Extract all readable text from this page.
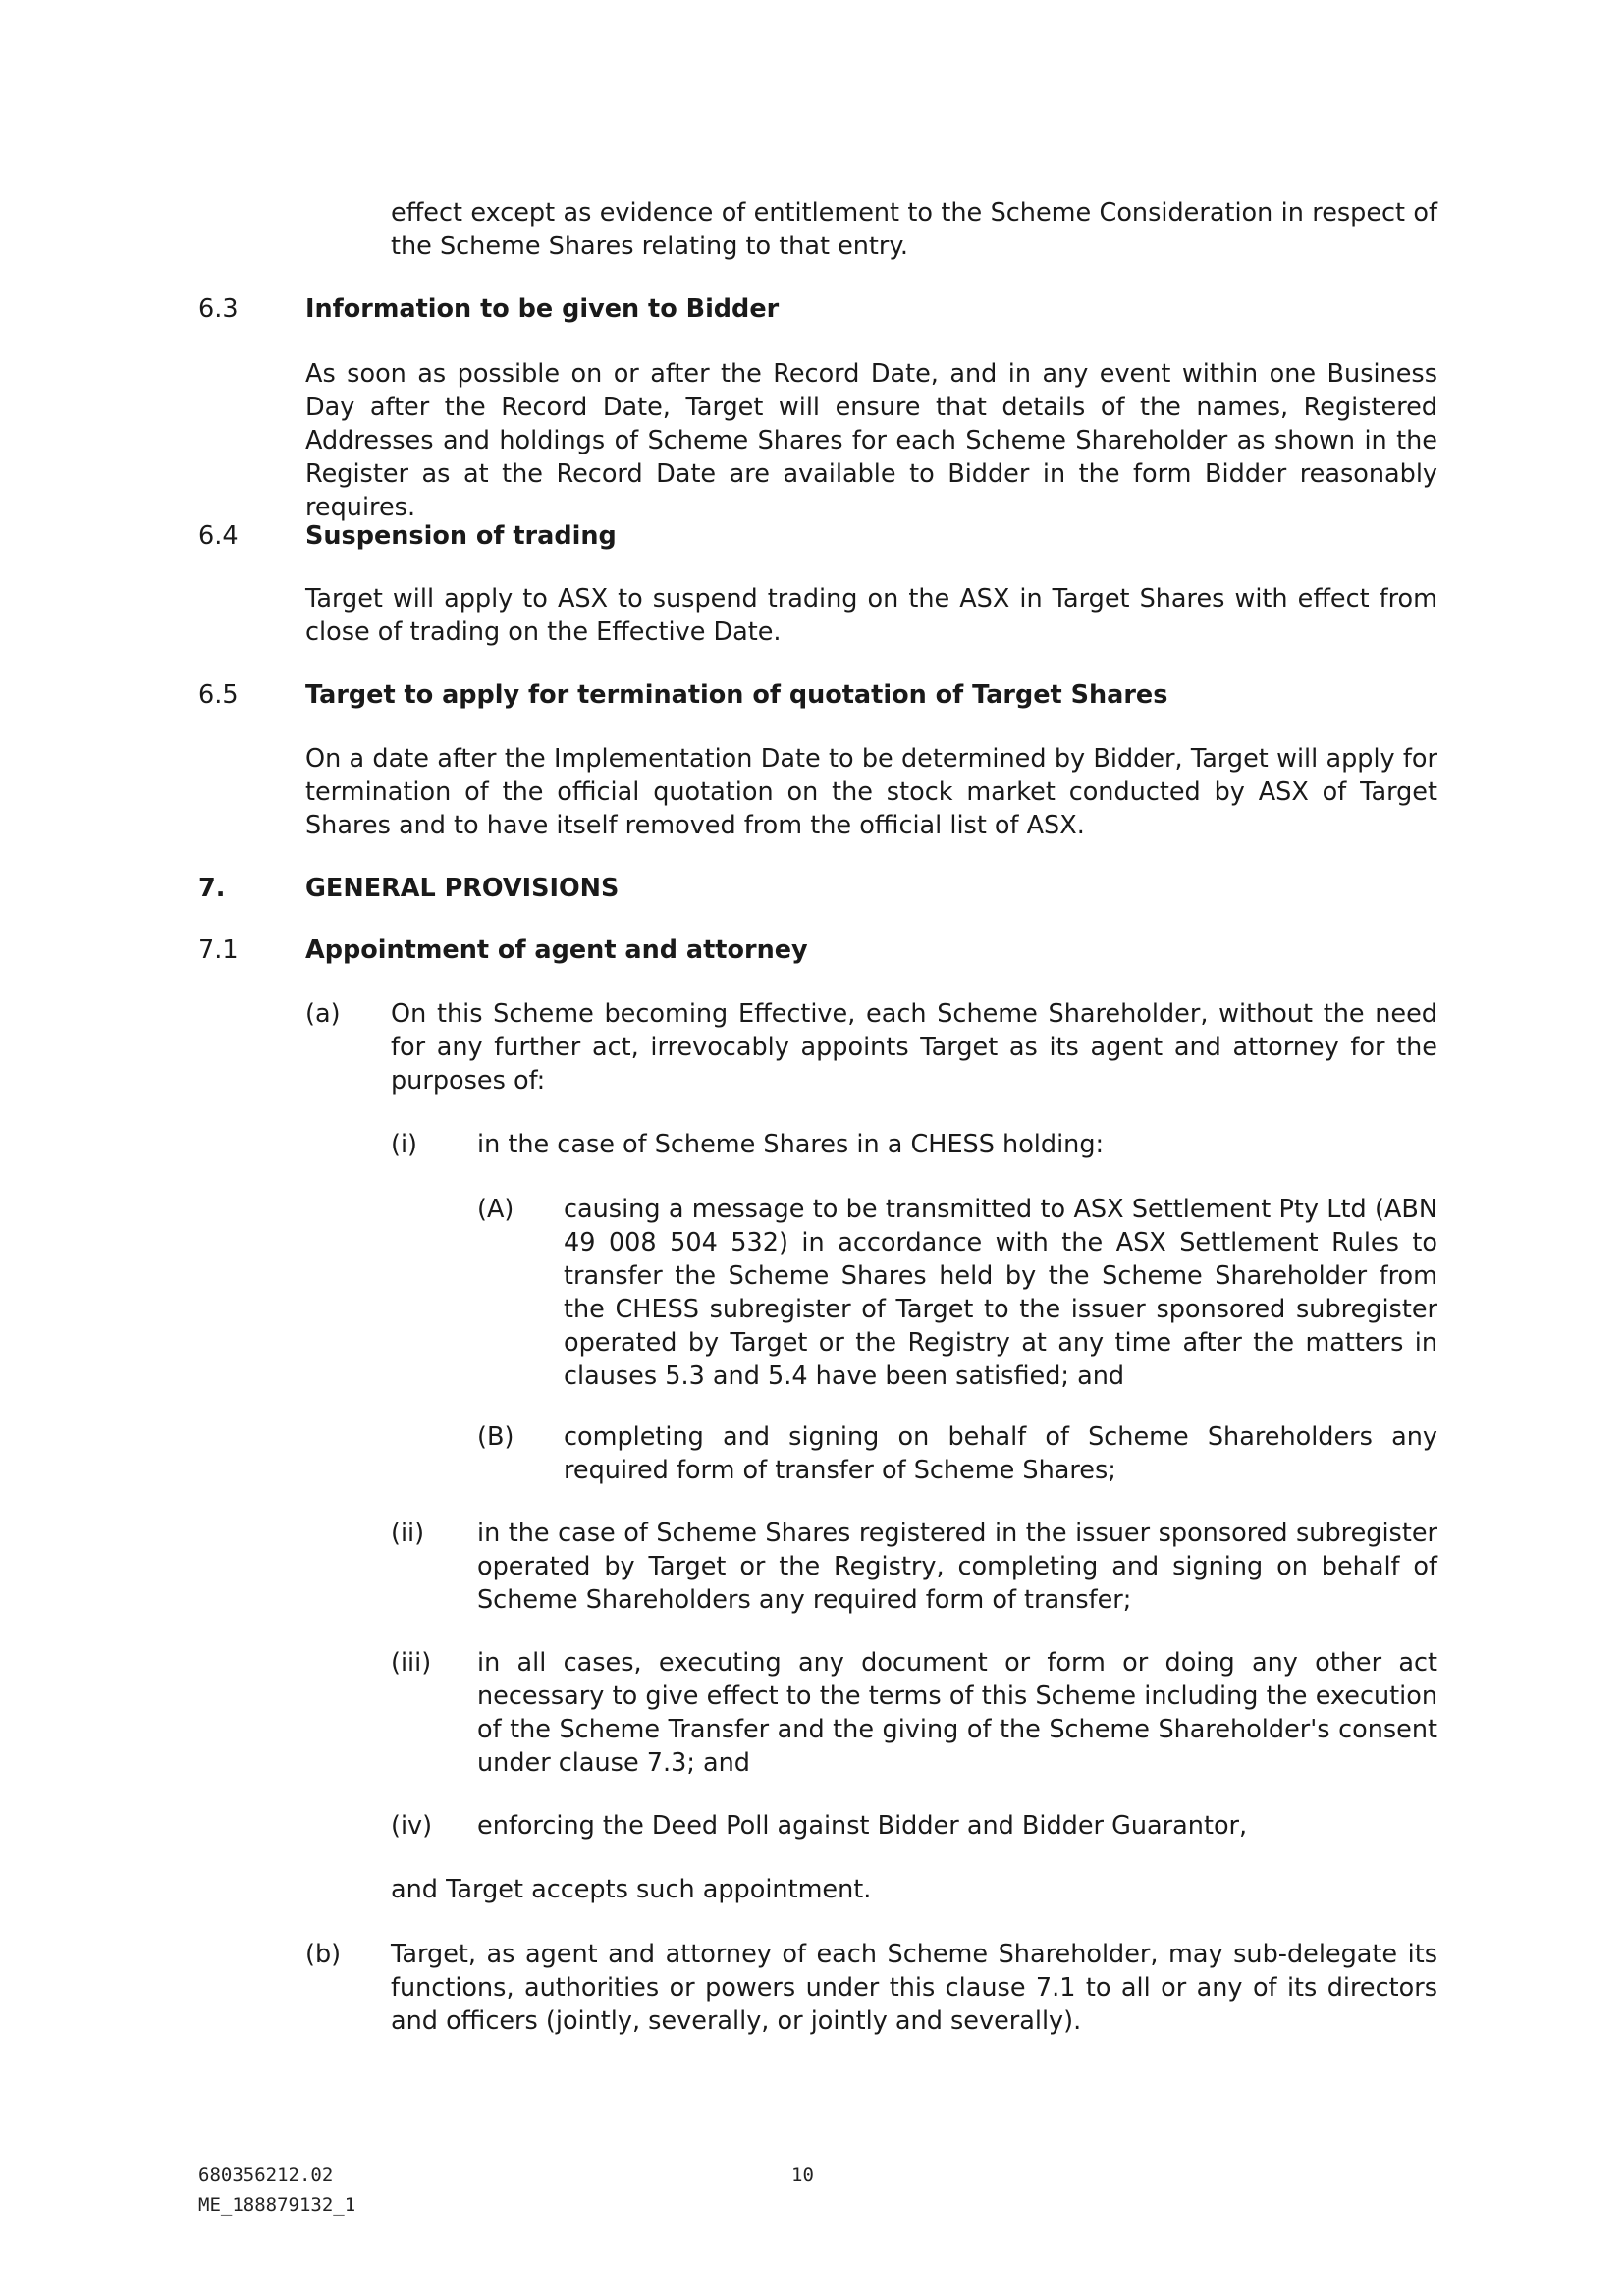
effect except as evidence of entitlement to the Scheme Consideration in respect of the Scheme Shares relating to that entry.
6.3	Information to be given to Bidder
As soon as possible on or after the Record Date, and in any event within one Business Day after the Record Date, Target will ensure that details of the names, Registered Addresses and holdings of Scheme Shares for each Scheme Shareholder as shown in the Register as at the Record Date are available to Bidder in the form Bidder reasonably requires.
6.4	Suspension of trading
Target will apply to ASX to suspend trading on the ASX in Target Shares with effect from close of trading on the Effective Date.
6.5	Target to apply for termination of quotation of Target Shares
On a date after the Implementation Date to be determined by Bidder, Target will apply for termination of the official quotation on the stock market conducted by ASX of Target Shares and to have itself removed from the official list of ASX.
7.	GENERAL PROVISIONS
7.1	Appointment of agent and attorney
(a) On this Scheme becoming Effective, each Scheme Shareholder, without the need for any further act, irrevocably appoints Target as its agent and attorney for the purposes of:
(i) in the case of Scheme Shares in a CHESS holding:
(A) causing a message to be transmitted to ASX Settlement Pty Ltd (ABN 49 008 504 532) in accordance with the ASX Settlement Rules to transfer the Scheme Shares held by the Scheme Shareholder from the CHESS subregister of Target to the issuer sponsored subregister operated by Target or the Registry at any time after the matters in clauses 5.3 and 5.4 have been satisfied; and
(B) completing and signing on behalf of Scheme Shareholders any required form of transfer of Scheme Shares;
(ii) in the case of Scheme Shares registered in the issuer sponsored subregister operated by Target or the Registry, completing and signing on behalf of Scheme Shareholders any required form of transfer;
(iii) in all cases, executing any document or form or doing any other act necessary to give effect to the terms of this Scheme including the execution of the Scheme Transfer and the giving of the Scheme Shareholder's consent under clause 7.3; and
(iv) enforcing the Deed Poll against Bidder and Bidder Guarantor,
and Target accepts such appointment.
(b) Target, as agent and attorney of each Scheme Shareholder, may sub-delegate its functions, authorities or powers under this clause 7.1 to all or any of its directors and officers (jointly, severally, or jointly and severally).
680356212.02
ME_188879132_1
10
